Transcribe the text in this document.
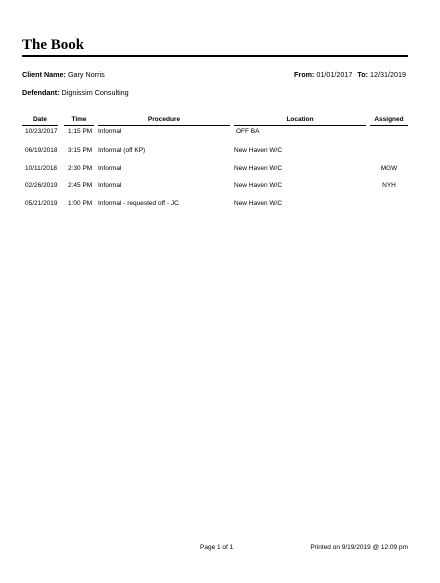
The Book
Client Name: Gary Norris	From: 01/01/2017 To: 12/31/2019
Defendant: Dignissim Consulting
Date	Time	Procedure	Location	Assigned
10/23/2017 1:15 PM Informal	OFF BA
06/19/2018 3:15 PM Informal (off KP)	New Haven W/C
10/11/2018 2:30 PM Informal	New Haven W/C	MGW
02/26/2019 2:45 PM Informal	New Haven W/C	NYH
05/21/2019 1:00 PM Informal - requested off - JC	New Haven W/C
Page 1 of 1	Printed on 9/19/2019 @ 12:09 pm
